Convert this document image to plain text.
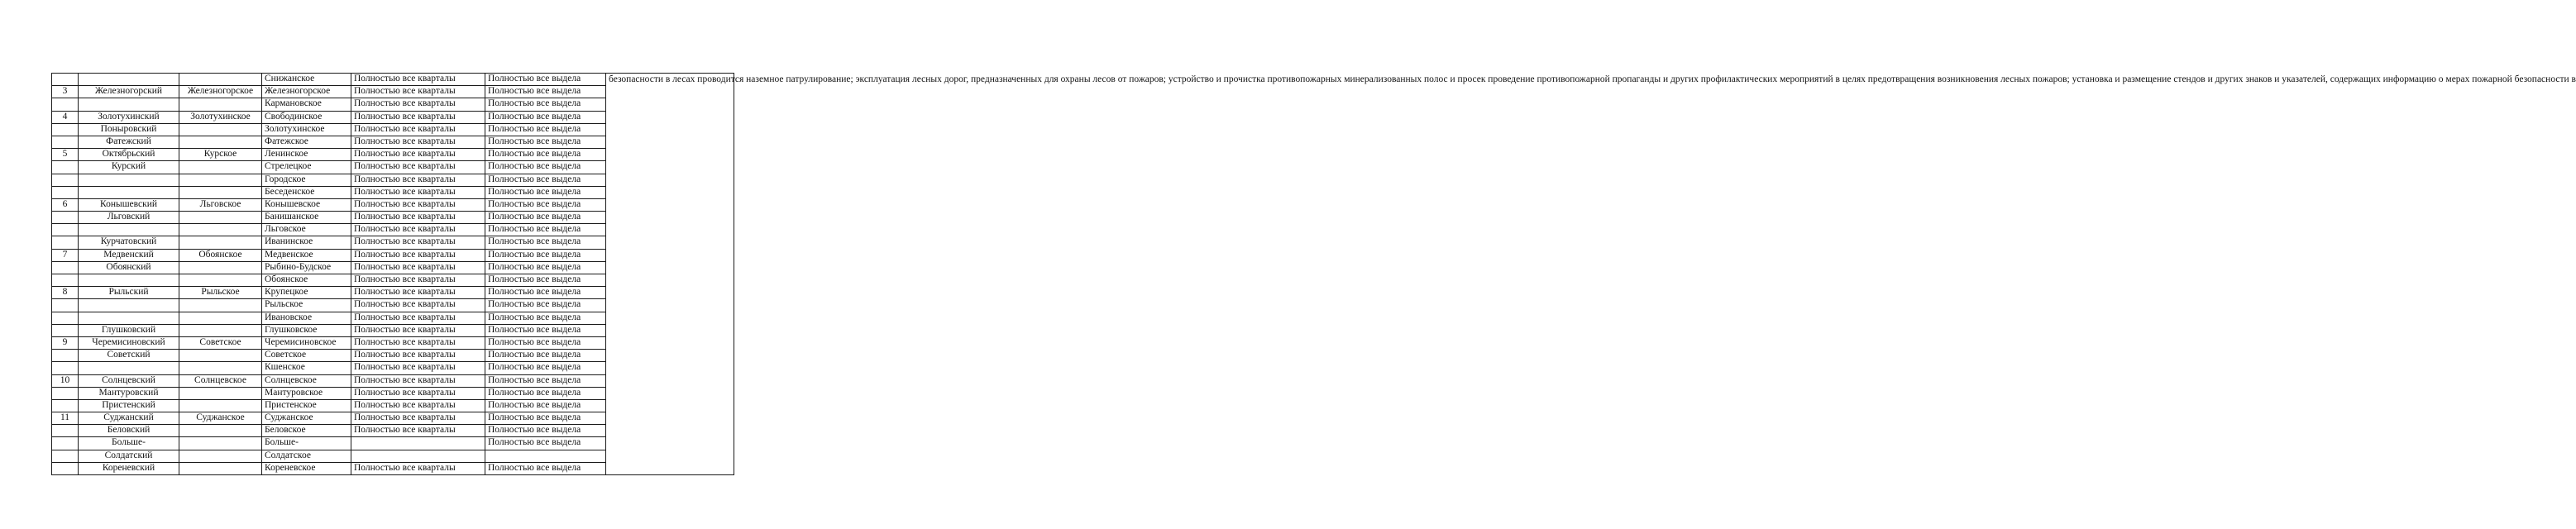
			Снижанское	Полностью все кварталы	Полностью все выдела	безопасности в лесах проводится наземное патрулирование; эксплуатация лесных дорог, предназначенных для охраны лесов от пожаров; устройство и прочистка противопожарных минерализованных полос и просек проведение противопожарной пропаганды и других профилактических мероприятий в целях предотвращения возникновения лесных пожаров; установка и размещение стендов и других знаков и указателей, содержащих информацию о мерах пожарной безопасности в
3	Железногорский	Железногорское	Железногорское	Полностью все кварталы	Полностью все выдела	
			Кармановское	Полностью все кварталы	Полностью все выдела	
4	Золотухинский	Золотухинское	Свободинское	Полностью все кварталы	Полностью все выдела	
	Поныровский		Золотухинское	Полностью все кварталы	Полностью все выдела	
	Фатежский		Фатежское	Полностью все кварталы	Полностью все выдела	
5	Октябрьский	Курское	Ленинское	Полностью все кварталы	Полностью все выдела	
	Курский		Стрелецкое	Полностью все кварталы	Полностью все выдела	
			Городское	Полностью все кварталы	Полностью все выдела	
			Беседенское	Полностью все кварталы	Полностью все выдела	
6	Конышевский	Льговское	Конышевское	Полностью все кварталы	Полностью все выдела	
	Льговский		Банишанское	Полностью все кварталы	Полностью все выдела	
			Льговское	Полностью все кварталы	Полностью все выдела	
	Курчатовский		Иванинское	Полностью все кварталы	Полностью все выдела	
7	Медвенский	Обоянское	Медвенское	Полностью все кварталы	Полностью все выдела	
	Обоянский		Рыбино-Будское	Полностью все кварталы	Полностью все выдела	
			Обоянское	Полностью все кварталы	Полностью все выдела	
8	Рыльский	Рыльское	Крупецкое	Полностью все кварталы	Полностью все выдела	
			Рыльское	Полностью все кварталы	Полностью все выдела	
			Ивановское	Полностью все кварталы	Полностью все выдела	
	Глушковский		Глушковское	Полностью все кварталы	Полностью все выдела	
9	Черемисиновский	Советское	Черемисиновское	Полностью все кварталы	Полностью все выдела	
	Советский		Советское	Полностью все кварталы	Полностью все выдела	
			Кшенское	Полностью все кварталы	Полностью все выдела	
10	Солнцевский	Солнцевское	Солнцевское	Полностью все кварталы	Полностью все выдела	
	Мантуровский		Мантуровское	Полностью все кварталы	Полностью все выдела	
	Пристенский		Пристенское	Полностью все кварталы	Полностью все выдела	
11	Суджанский	Суджанское	Суджанское	Полностью все кварталы	Полностью все выдела	
	Беловский		Беловское	Полностью все кварталы	Полностью все выдела	
	Больше-		Больше-		Полностью все выдела	
	Солдатский		Солдатское			
	Кореневский		Кореневское	Полностью все кварталы	Полностью все выдела	
